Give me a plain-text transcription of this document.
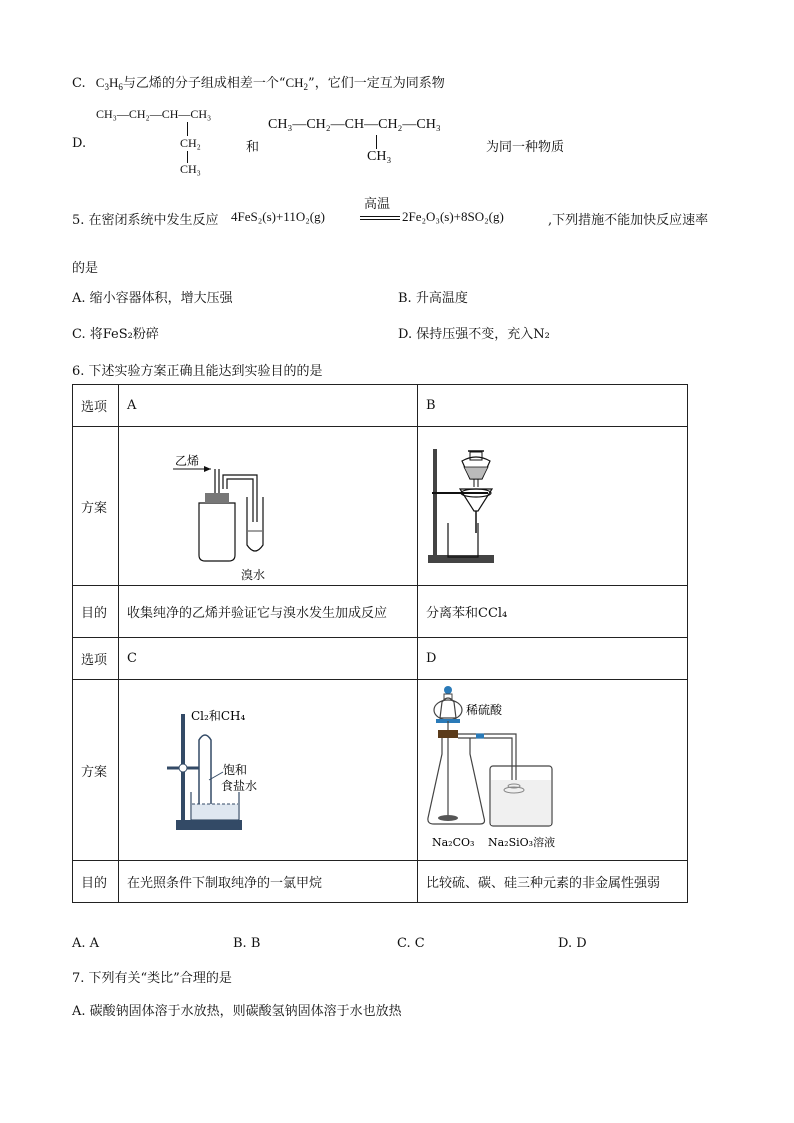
C. $C_3H_6$与乙烯的分子组成相差一个“$CH_2$”，它们一定互为同系物
D.
CH₃—CH₂—CH—CH₃
CH₂
CH₃
和
CH₃—CH₂—CH—CH₂—CH₃
CH₃
为同一种物质
5. 在密闭系统中发生反应 4FeS₂(s)+11O₂(g)
高温
2Fe₂O₃(s)+8SO₂(g)	,下列措施不能加快反应速率
的是
A. 缩小容器体积，增大压强	B. 升高温度
C. 将FeS₂粉碎	D. 保持压强不变，充入N₂
6. 下述实验方案正确且能达到实验目的的是
选项	A	B
方案	乙烯
溴水

目的	收集纯净的乙烯并验证它与溴水发生加成反应	分离苯和CCl₄
选项	C	D
方案	Cl₂和CH₄
饱和
食盐水	稀硫酸
Na₂CO₃ Na₂SiO₃溶液

目的	在光照条件下制取纯净的一氯甲烷	比较硫、碳、硅三种元素的非金属性强弱
A. A	B. B	C. C	D. D
7. 下列有关“类比”合理的是
A. 碳酸钠固体溶于水放热，则碳酸氢钠固体溶于水也放热
